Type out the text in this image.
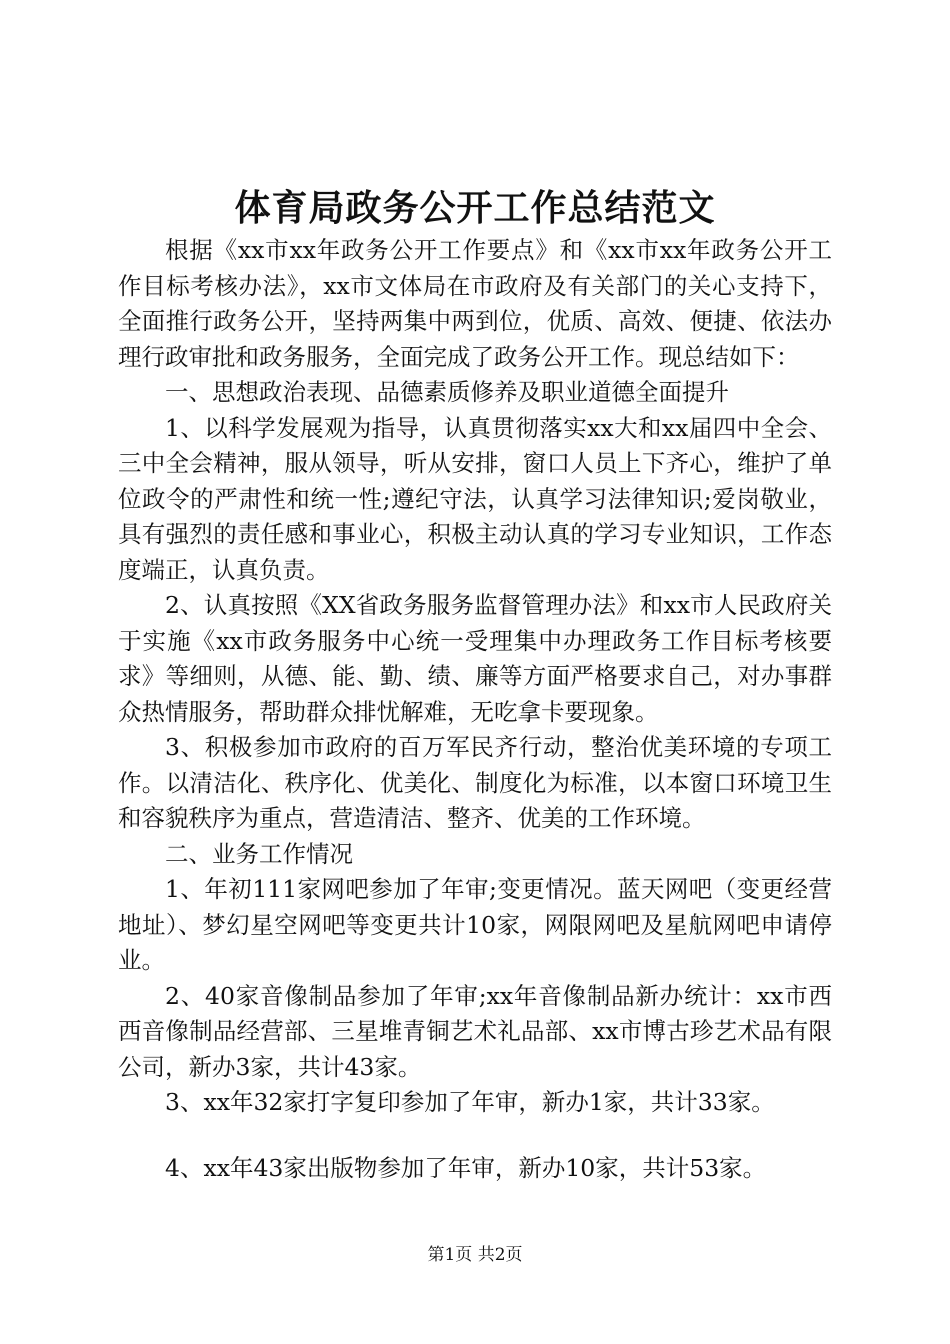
体育局政务公开工作总结范文

根据《xx市xx年政务公开工作要点》和《xx市xx年政务公开工作目标考核办法》，xx市文体局在市政府及有关部门的关心支持下，全面推行政务公开，坚持两集中两到位，优质、高效、便捷、依法办理行政审批和政务服务，全面完成了政务公开工作。现总结如下：

一、思想政治表现、品德素质修养及职业道德全面提升

1、以科学发展观为指导，认真贯彻落实xx大和xx届四中全会、三中全会精神，服从领导，听从安排，窗口人员上下齐心，维护了单位政令的严肃性和统一性;遵纪守法，认真学习法律知识;爱岗敬业，具有强烈的责任感和事业心，积极主动认真的学习专业知识，工作态度端正，认真负责。

2、认真按照《XX省政务服务监督管理办法》和xx市人民政府关于实施《xx市政务服务中心统一受理集中办理政务工作目标考核要求》等细则，从德、能、勤、绩、廉等方面严格要求自己，对办事群众热情服务，帮助群众排忧解难，无吃拿卡要现象。

3、积极参加市政府的百万军民齐行动，整治优美环境的专项工作。以清洁化、秩序化、优美化、制度化为标准，以本窗口环境卫生和容貌秩序为重点，营造清洁、整齐、优美的工作环境。

二、业务工作情况

1、年初111家网吧参加了年审;变更情况。蓝天网吧（变更经营地址）、梦幻星空网吧等变更共计10家，网限网吧及星航网吧申请停业。

2、40家音像制品参加了年审;xx年音像制品新办统计：xx市西西音像制品经营部、三星堆青铜艺术礼品部、xx市博古珍艺术品有限公司，新办3家，共计43家。

3、xx年32家打字复印参加了年审，新办1家，共计33家。

4、xx年43家出版物参加了年审，新办10家，共计53家。

第1页 共2页
